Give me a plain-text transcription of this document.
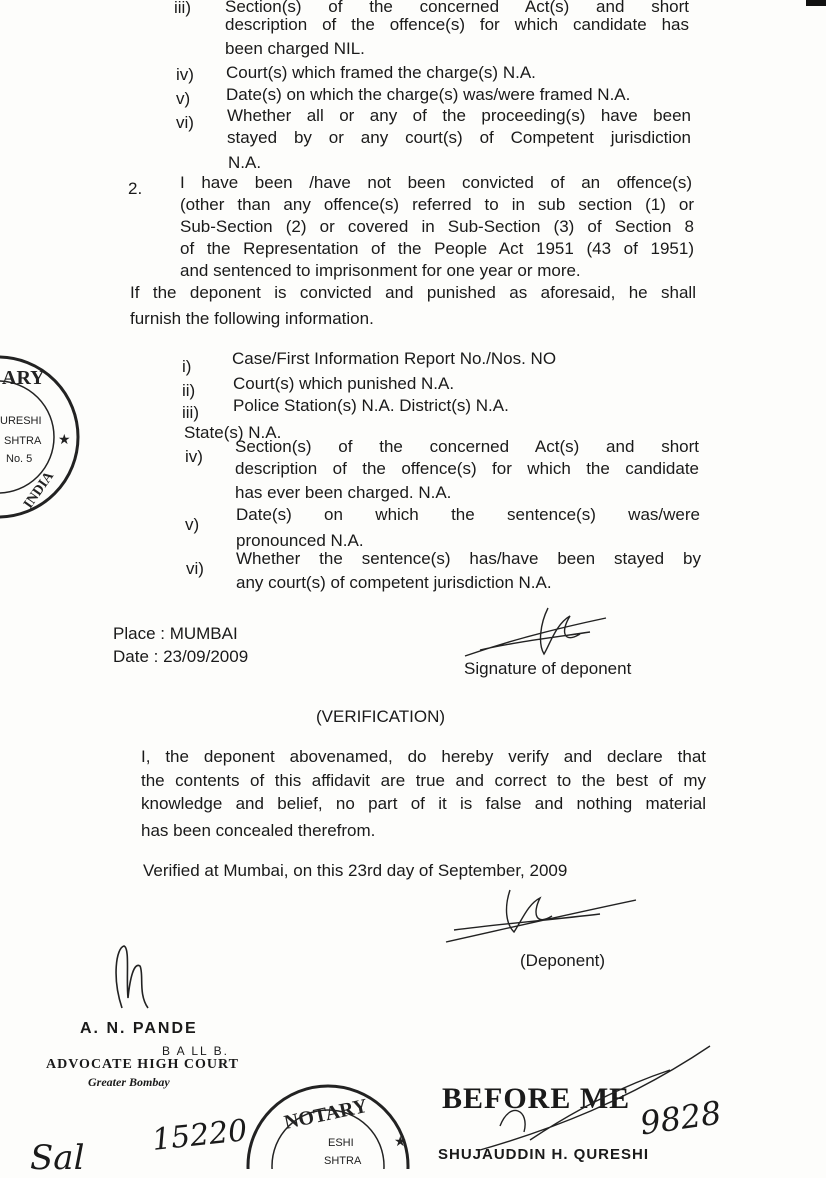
iii) Section(s) of the concerned Act(s) and short
description of the offence(s) for which candidate has
been charged NIL.
iv) Court(s) which framed the charge(s) N.A.
v) Date(s) on which the charge(s) was/were framed N.A.
vi) Whether all or any of the proceeding(s) have been
stayed by or any court(s) of Competent jurisdiction
N.A.
2. I have been /have not been convicted of an offence(s)
(other than any offence(s) referred to in sub section (1) or
Sub-Section (2) or covered in Sub-Section (3) of Section 8
of the Representation of the People Act 1951 (43 of 1951)
and sentenced to imprisonment for one year or more.
If the deponent is convicted and punished as aforesaid, he shall
furnish the following information.
i) Case/First Information Report No./Nos. NO
ii) Court(s) which punished N.A.
iii) Police Station(s) N.A. District(s) N.A.
State(s) N.A.
iv)
Section(s) of the concerned Act(s) and short
description of the offence(s) for which the candidate
has ever been charged. N.A.
v)
Date(s) on which the sentence(s) was/were
pronounced N.A.
vi)
Whether the sentence(s) has/have been stayed by
any court(s) of competent jurisdiction N.A.
Place : MUMBAI
Date : 23/09/2009
Signature of deponent
(VERIFICATION)
I, the deponent abovenamed, do hereby verify and declare that
the contents of this affidavit are true and correct to the best of my
knowledge and belief, no part of it is false and nothing material
has been concealed therefrom.
Verified at Mumbai, on this 23rd day of September, 2009
(Deponent)
ARY
URESHI
SHTRA
No. 5
INDIA
★
A. N. PANDE
B A LL B.
ADVOCATE HIGH COURT
Greater Bombay
NOTARY
ESHI
SHTRA
★
Sal
15220
BEFORE ME 9828
SHUJAUDDIN H. QURESHI
